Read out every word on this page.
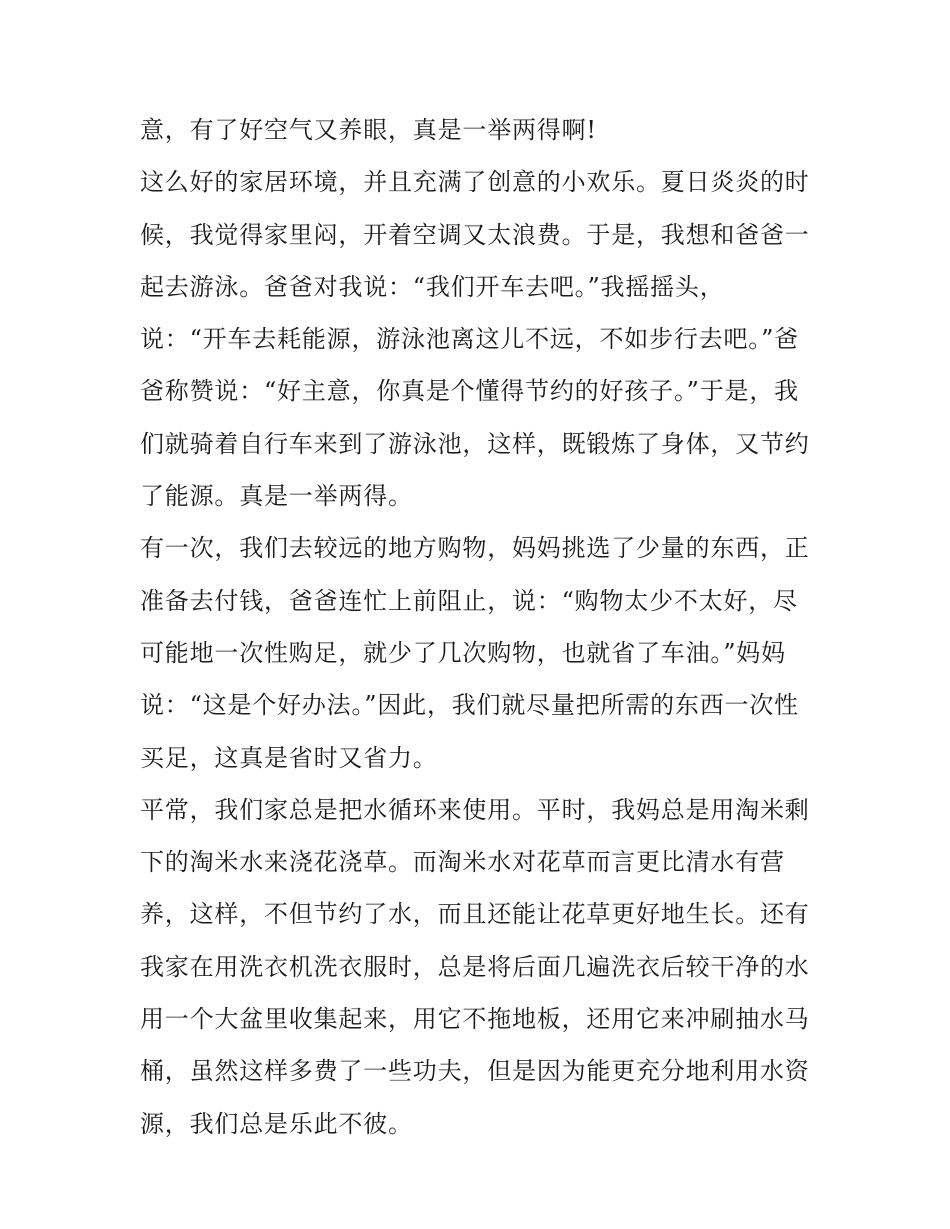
意，有了好空气又养眼，真是一举两得啊!
这么好的家居环境，并且充满了创意的小欢乐。夏日炎炎的时
候，我觉得家里闷，开着空调又太浪费。于是，我想和爸爸一
起去游泳。爸爸对我说：“我们开车去吧。”我摇摇头，
说：“开车去耗能源，游泳池离这儿不远，不如步行去吧。”爸
爸称赞说：“好主意，你真是个懂得节约的好孩子。”于是，我
们就骑着自行车来到了游泳池，这样，既锻炼了身体，又节约
了能源。真是一举两得。
有一次，我们去较远的地方购物，妈妈挑选了少量的东西，正
准备去付钱，爸爸连忙上前阻止，说：“购物太少不太好，尽
可能地一次性购足，就少了几次购物，也就省了车油。”妈妈
说：“这是个好办法。”因此，我们就尽量把所需的东西一次性
买足，这真是省时又省力。
平常，我们家总是把水循环来使用。平时，我妈总是用淘米剩
下的淘米水来浇花浇草。而淘米水对花草而言更比清水有营
养，这样，不但节约了水，而且还能让花草更好地生长。还有
我家在用洗衣机洗衣服时，总是将后面几遍洗衣后较干净的水
用一个大盆里收集起来，用它不拖地板，还用它来冲刷抽水马
桶，虽然这样多费了一些功夫，但是因为能更充分地利用水资
源，我们总是乐此不彼。
